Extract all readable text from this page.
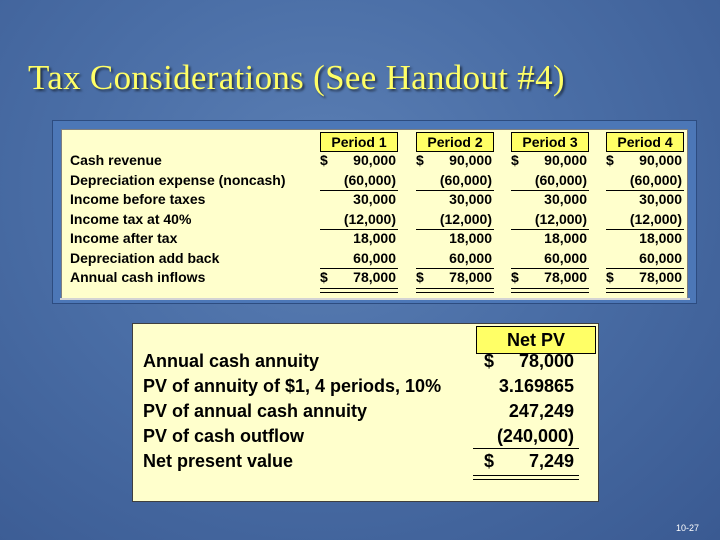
Tax Considerations (See Handout #4)
Period 1	Period 2	Period 3	Period 4
Cash revenue	$ 90,000 $ 90,000 $ 90,000 $ 90,000
Depreciation expense (noncash)	(60,000)	(60,000)	(60,000)	(60,000)
Income before taxes	30,000	30,000	30,000	30,000
Income tax at 40%	(12,000)	(12,000)	(12,000)	(12,000)
Income after tax	18,000	18,000	18,000	18,000
Depreciation add back	60,000	60,000	60,000	60,000
Annual cash inflows	$ 78,000 $ 78,000 $ 78,000 $ 78,000
Net PV
Annual cash annuity	$ 78,000
PV of annuity of $1, 4 periods, 10%	3.169865
PV of annual cash annuity	247,249
PV of cash outflow	(240,000)
Net present value	$ 7,249
10-27
